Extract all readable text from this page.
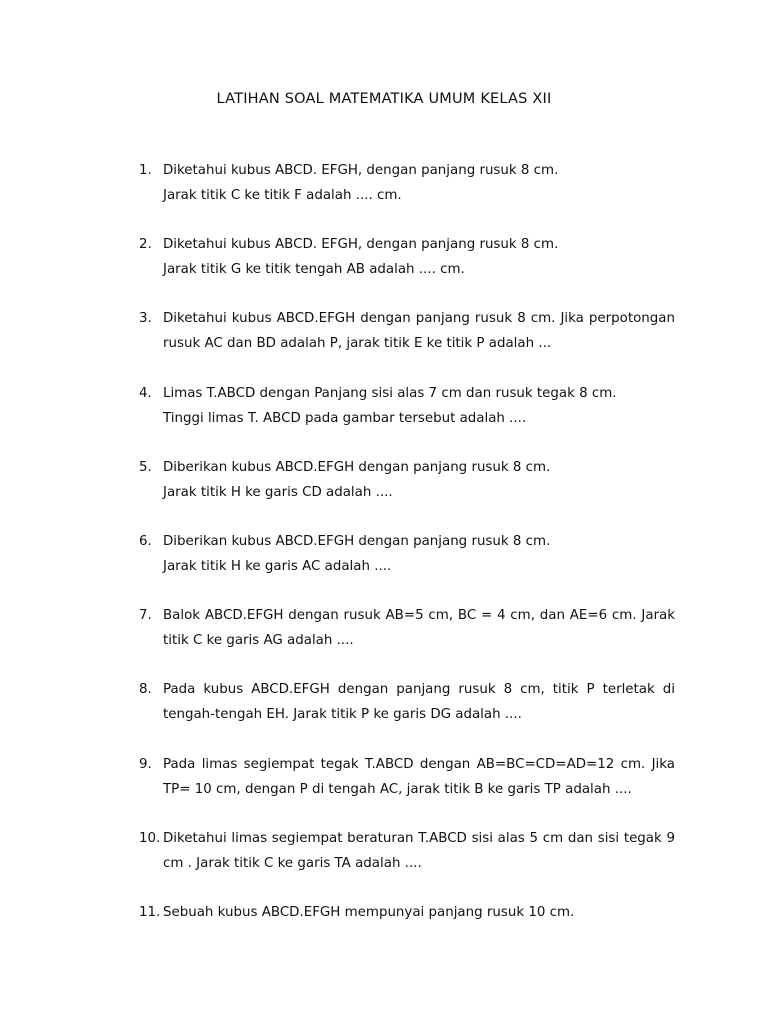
LATIHAN SOAL MATEMATIKA UMUM KELAS XII
1. Diketahui kubus ABCD. EFGH, dengan panjang rusuk 8 cm.
Jarak titik C ke titik F adalah .... cm.
2. Diketahui kubus ABCD. EFGH, dengan panjang rusuk 8 cm.
Jarak titik G ke titik tengah AB adalah .... cm.
3. Diketahui kubus ABCD.EFGH dengan panjang rusuk 8 cm. Jika perpotongan rusuk AC dan BD adalah P, jarak titik E ke titik P adalah ...
4. Limas T.ABCD dengan Panjang sisi alas 7 cm dan rusuk tegak 8 cm.
Tinggi limas T. ABCD pada gambar tersebut adalah ....
5. Diberikan kubus ABCD.EFGH dengan panjang rusuk 8 cm.
Jarak titik H ke garis CD adalah ....
6. Diberikan kubus ABCD.EFGH dengan panjang rusuk 8 cm.
Jarak titik H ke garis AC adalah ....
7. Balok ABCD.EFGH dengan rusuk AB=5 cm, BC = 4 cm, dan AE=6 cm. Jarak titik C ke garis AG adalah ....
8. Pada kubus ABCD.EFGH dengan panjang rusuk 8 cm, titik P terletak di tengah-tengah EH. Jarak titik P ke garis DG adalah ....
9. Pada limas segiempat tegak T.ABCD dengan AB=BC=CD=AD=12 cm. Jika TP= 10 cm, dengan P di tengah AC, jarak titik B ke garis TP adalah ....
10. Diketahui limas segiempat beraturan T.ABCD sisi alas 5 cm dan sisi tegak 9 cm . Jarak titik C ke garis TA adalah ....
11. Sebuah kubus ABCD.EFGH mempunyai panjang rusuk 10 cm.
